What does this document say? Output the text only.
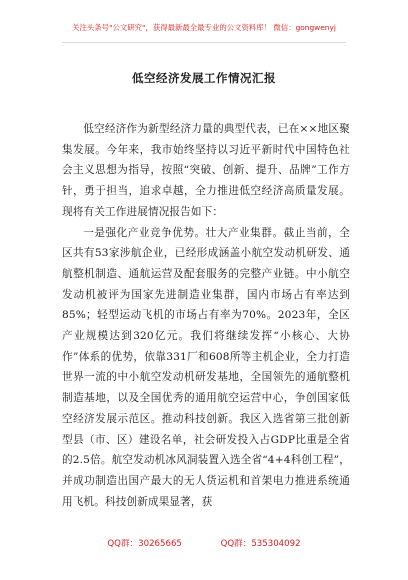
关注头条号"公文研究"，获得最新最全最专业的公文资料库！ 微信：gongwenyj
低空经济发展工作情况汇报

低空经济作为新型经济力量的典型代表，已在××地区聚集发展。今年来，我市始终坚持以习近平新时代中国特色社会主义思想为指导，按照“突破、创新、提升、品牌”工作方针，勇于担当，追求卓越，全力推进低空经济高质量发展。现将有关工作进展情况报告如下：

一是强化产业竞争优势。壮大产业集群。截止当前，全区共有53家涉航企业，已经形成涵盖小航空发动机研发、通航整机制造、通航运营及配套服务的完整产业链。中小航空发动机被评为国家先进制造业集群，国内市场占有率达到85%；轻型运动飞机的市场占有率为70%。2023年，全区产业规模达到320亿元。我们将继续发挥“小核心、大协作”体系的优势，依靠331厂和608所等主机企业，全力打造世界一流的中小航空发动机研发基地，全国领先的通航整机制造基地，以及全国优秀的通用航空运营中心，争创国家低空经济发展示范区。推动科技创新。我区入选省第三批创新型县（市、区）建设名单，社会研发投入占GDP比重是全省的2.5倍。航空发动机冰风洞装置入选全省“4+4科创工程”，并成功制造出国产最大的无人货运机和首架电力推进系统通用飞机。科技创新成果显著，获

QQ群：30265665	QQ群：535304092
